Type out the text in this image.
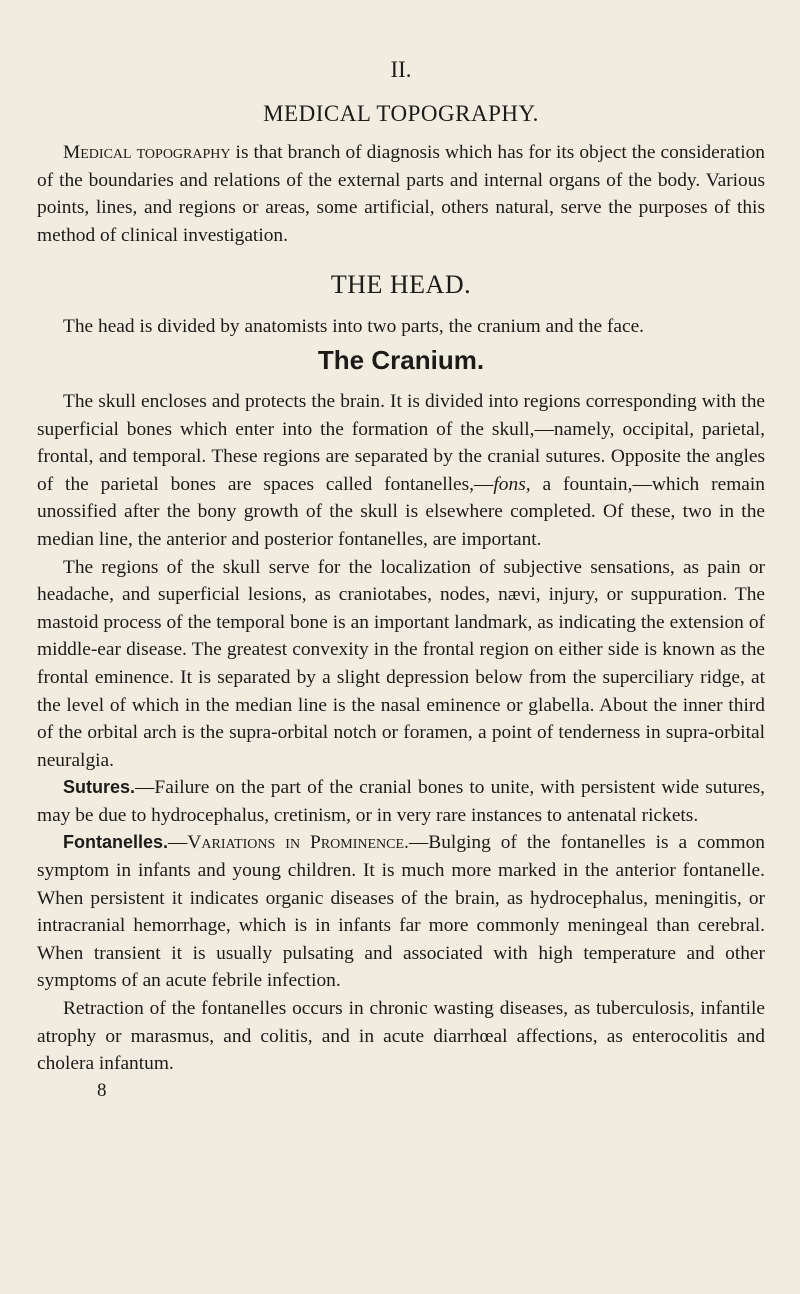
II.
MEDICAL TOPOGRAPHY.

Medical topography is that branch of diagnosis which has for its object the consideration of the boundaries and relations of the external parts and internal organs of the body. Various points, lines, and regions or areas, some artificial, others natural, serve the purposes of this method of clinical investigation.

THE HEAD.

The head is divided by anatomists into two parts, the cranium and the face.

The Cranium.

The skull encloses and protects the brain. It is divided into regions corresponding with the superficial bones which enter into the formation of the skull,—namely, occipital, parietal, frontal, and temporal. These regions are separated by the cranial sutures. Opposite the angles of the parietal bones are spaces called fontanelles,—fons, a fountain,—which remain unossified after the bony growth of the skull is elsewhere completed. Of these, two in the median line, the anterior and posterior fontanelles, are important.

The regions of the skull serve for the localization of subjective sensations, as pain or headache, and superficial lesions, as craniotabes, nodes, nævi, injury, or suppuration. The mastoid process of the temporal bone is an important landmark, as indicating the extension of middle-ear disease. The greatest convexity in the frontal region on either side is known as the frontal eminence. It is separated by a slight depression below from the superciliary ridge, at the level of which in the median line is the nasal eminence or glabella. About the inner third of the orbital arch is the supra-orbital notch or foramen, a point of tenderness in supra-orbital neuralgia.

Sutures.—Failure on the part of the cranial bones to unite, with persistent wide sutures, may be due to hydrocephalus, cretinism, or in very rare instances to antenatal rickets.

Fontanelles.—Variations in Prominence.—Bulging of the fontanelles is a common symptom in infants and young children. It is much more marked in the anterior fontanelle. When persistent it indicates organic diseases of the brain, as hydrocephalus, meningitis, or intracranial hemorrhage, which is in infants far more commonly meningeal than cerebral. When transient it is usually pulsating and associated with high temperature and other symptoms of an acute febrile infection.

Retraction of the fontanelles occurs in chronic wasting diseases, as tuberculosis, infantile atrophy or marasmus, and colitis, and in acute diarrhœal affections, as enterocolitis and cholera infantum.

8
